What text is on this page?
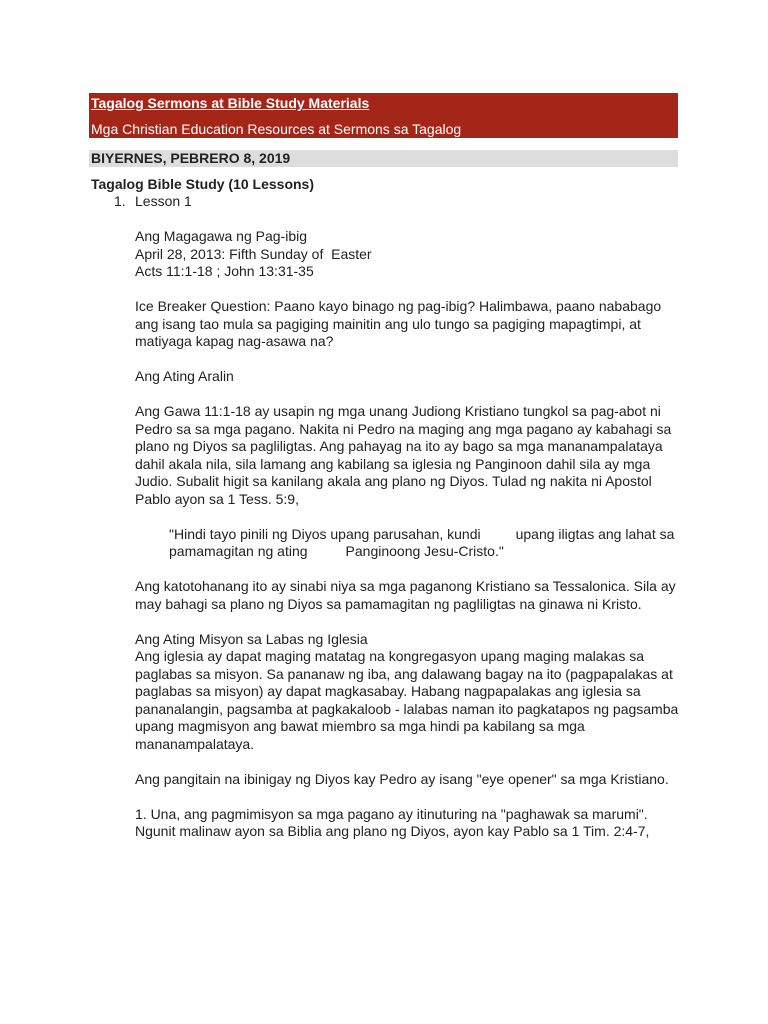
Tagalog Sermons at Bible Study Materials
Mga Christian Education Resources at Sermons sa Tagalog
BIYERNES, PEBRERO 8, 2019
Tagalog Bible Study (10 Lessons)
1. Lesson 1

Ang Magagawa ng Pag-ibig

April 28, 2013: Fifth Sunday of  Easter

Acts 11:1-18 ; John 13:31-35

Ice Breaker Question: Paano kayo binago ng pag-ibig? Halimbawa, paano nababago ang isang tao mula sa pagiging mainitin ang ulo tungo sa pagiging mapagtimpi, at matiyaga kapag nag-asawa na?

Ang Ating Aralin

Ang Gawa 11:1-18 ay usapin ng mga unang Judiong Kristiano tungkol sa pag-abot ni Pedro sa sa mga pagano. Nakita ni Pedro na maging ang mga pagano ay kabahagi sa plano ng Diyos sa pagliligtas. Ang pahayag na ito ay bago sa mga mananampalataya dahil akala nila, sila lamang ang kabilang sa iglesia ng Panginoon dahil sila ay mga Judio. Subalit higit sa kanilang akala ang plano ng Diyos. Tulad ng nakita ni Apostol Pablo ayon sa 1 Tess. 5:9,

"Hindi tayo pinili ng Diyos upang parusahan, kundi	upang iligtas ang lahat sa pamamagitan ng ating	Panginoong Jesu-Cristo."

Ang katotohanang ito ay sinabi niya sa mga paganong Kristiano sa Tessalonica. Sila ay may bahagi sa plano ng Diyos sa pamamagitan ng pagliligtas na ginawa ni Kristo.

Ang Ating Misyon sa Labas ng Iglesia

Ang iglesia ay dapat maging matatag na kongregasyon upang maging malakas sa paglabas sa misyon. Sa pananaw ng iba, ang dalawang bagay na ito (pagpapalakas at paglabas sa misyon) ay dapat magkasabay. Habang nagpapalakas ang iglesia sa pananalangin, pagsamba at pagkakaloob - lalabas naman ito pagkatapos ng pagsamba upang magmisyon ang bawat miembro sa mga hindi pa kabilang sa mga mananampalataya.

Ang pangitain na ibinigay ng Diyos kay Pedro ay isang "eye opener" sa mga Kristiano.

1. Una, ang pagmimisyon sa mga pagano ay itinuturing na "paghawak sa marumi". Ngunit malinaw ayon sa Biblia ang plano ng Diyos, ayon kay Pablo sa 1 Tim. 2:4-7,
